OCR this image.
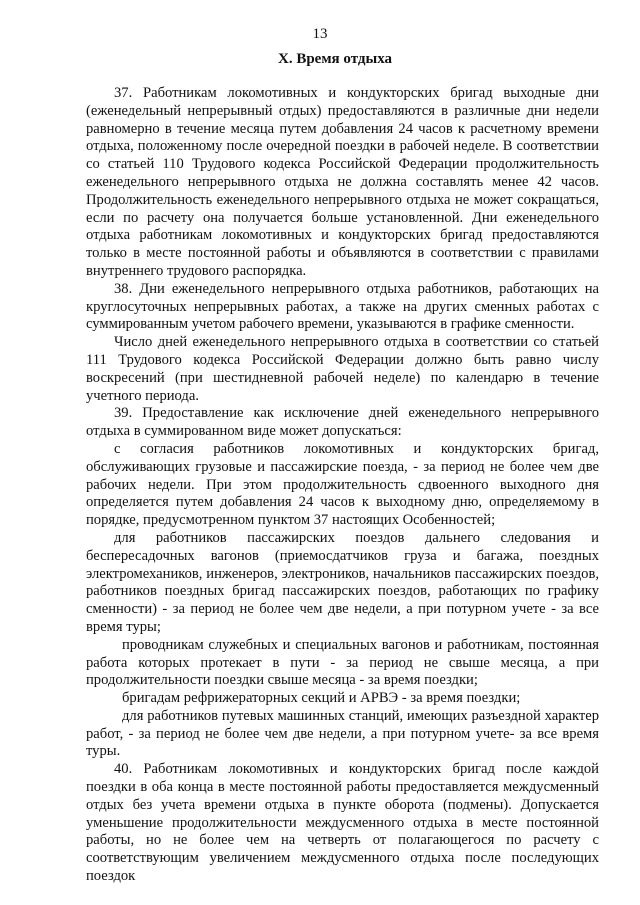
13
X. Время отдыха

37. Работникам локомотивных и кондукторских бригад выходные дни (еженедельный непрерывный отдых) предоставляются в различные дни недели равномерно в течение месяца путем добавления 24 часов к расчетному времени отдыха, положенному после очередной поездки в рабочей неделе. В соответствии со статьей 110 Трудового кодекса Российской Федерации продолжительность еженедельного непрерывного отдыха не должна составлять менее 42 часов. Продолжительность еженедельного непрерывного отдыха не может сокращаться, если по расчету она получается больше установленной. Дни еженедельного отдыха работникам локомотивных и кондукторских бригад предоставляются только в месте постоянной работы и объявляются в соответствии с правилами внутреннего трудового распорядка.

38. Дни еженедельного непрерывного отдыха работников, работающих на круглосуточных непрерывных работах, а также на других сменных работах с суммированным учетом рабочего времени, указываются в графике сменности.

Число дней еженедельного непрерывного отдыха в соответствии со статьей 111 Трудового кодекса Российской Федерации должно быть равно числу воскресений (при шестидневной рабочей неделе) по календарю в течение учетного периода.

39. Предоставление как исключение дней еженедельного непрерывного отдыха в суммированном виде может допускаться:

с согласия работников локомотивных и кондукторских бригад, обслуживающих грузовые и пассажирские поезда, - за период не более чем две рабочих недели. При этом продолжительность сдвоенного выходного дня определяется путем добавления 24 часов к выходному дню, определяемому в порядке, предусмотренном пунктом 37 настоящих Особенностей;

для работников пассажирских поездов дальнего следования и беспересадочных вагонов (приемосдатчиков груза и багажа, поездных электромехаников, инженеров, электроников, начальников пассажирских поездов, работников поездных бригад пассажирских поездов, работающих по графику сменности) - за период не более чем две недели, а при потурном учете - за все время туры;

проводникам служебных и специальных вагонов и работникам, постоянная работа которых протекает в пути - за период не свыше месяца, а при продолжительности поездки свыше месяца - за время поездки;

бригадам рефрижераторных секций и АРВЭ - за время поездки;

для работников путевых машинных станций, имеющих разъездной характер работ, - за период не более чем две недели, а при потурном учете- за все время туры.

40. Работникам локомотивных и кондукторских бригад после каждой поездки в оба конца в месте постоянной работы предоставляется междусменный отдых без учета времени отдыха в пункте оборота (подмены). Допускается уменьшение продолжительности междусменного отдыха в месте постоянной работы, но не более чем на четверть от полагающегося по расчету с соответствующим увеличением междусменного отдыха после последующих поездок
